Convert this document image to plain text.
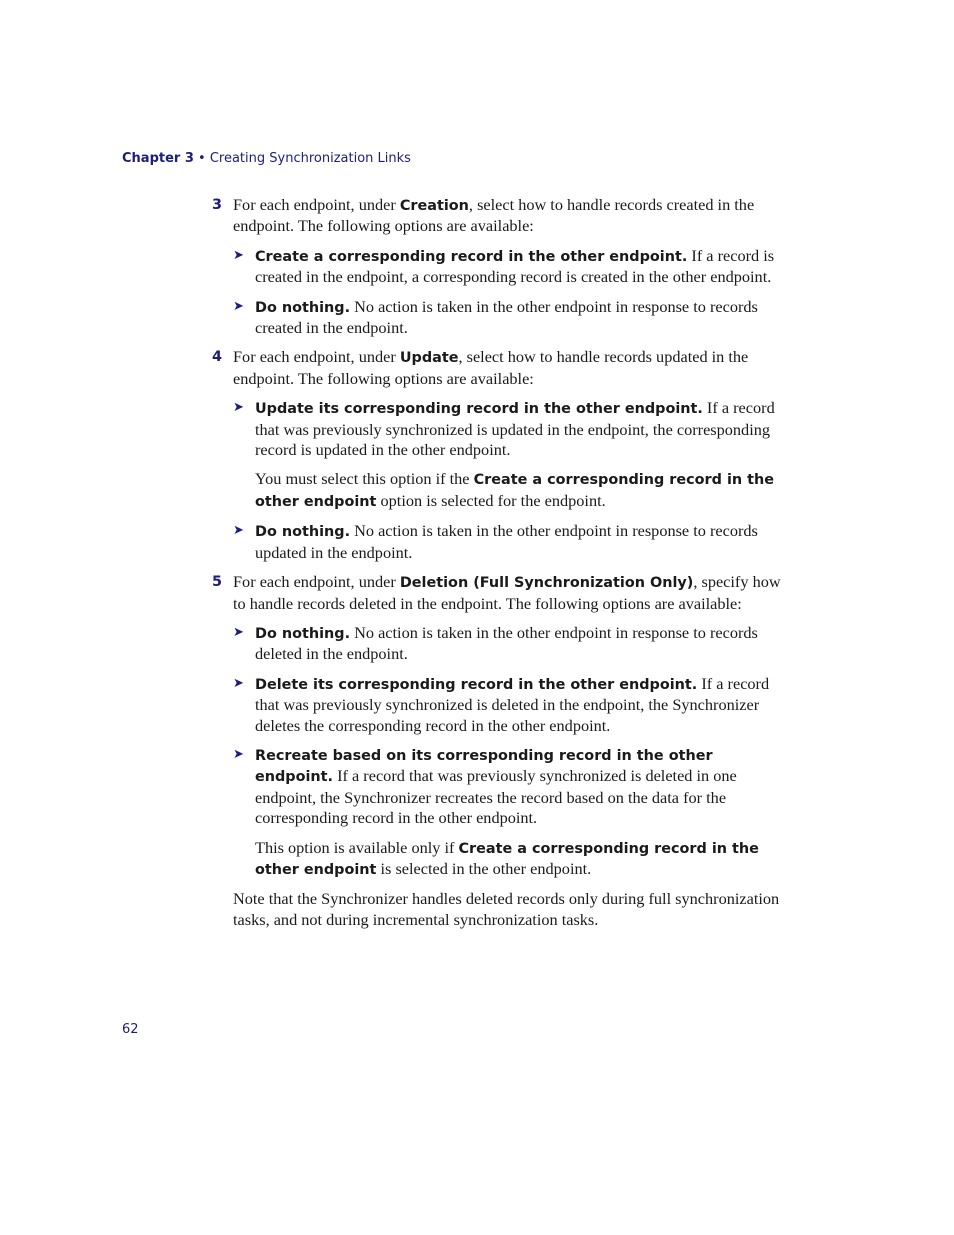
Chapter 3 • Creating Synchronization Links

3 For each endpoint, under Creation, select how to handle records created in the endpoint. The following options are available:

➤ Create a corresponding record in the other endpoint. If a record is created in the endpoint, a corresponding record is created in the other endpoint.

➤ Do nothing. No action is taken in the other endpoint in response to records created in the endpoint.

4 For each endpoint, under Update, select how to handle records updated in the endpoint. The following options are available:

➤ Update its corresponding record in the other endpoint. If a record that was previously synchronized is updated in the endpoint, the corresponding record is updated in the other endpoint.

You must select this option if the Create a corresponding record in the other endpoint option is selected for the endpoint.

➤ Do nothing. No action is taken in the other endpoint in response to records updated in the endpoint.

5 For each endpoint, under Deletion (Full Synchronization Only), specify how to handle records deleted in the endpoint. The following options are available:

➤ Do nothing. No action is taken in the other endpoint in response to records deleted in the endpoint.

➤ Delete its corresponding record in the other endpoint. If a record that was previously synchronized is deleted in the endpoint, the Synchronizer deletes the corresponding record in the other endpoint.

➤ Recreate based on its corresponding record in the other endpoint. If a record that was previously synchronized is deleted in one endpoint, the Synchronizer recreates the record based on the data for the corresponding record in the other endpoint.

This option is available only if Create a corresponding record in the other endpoint is selected in the other endpoint.

Note that the Synchronizer handles deleted records only during full synchronization tasks, and not during incremental synchronization tasks.

62
